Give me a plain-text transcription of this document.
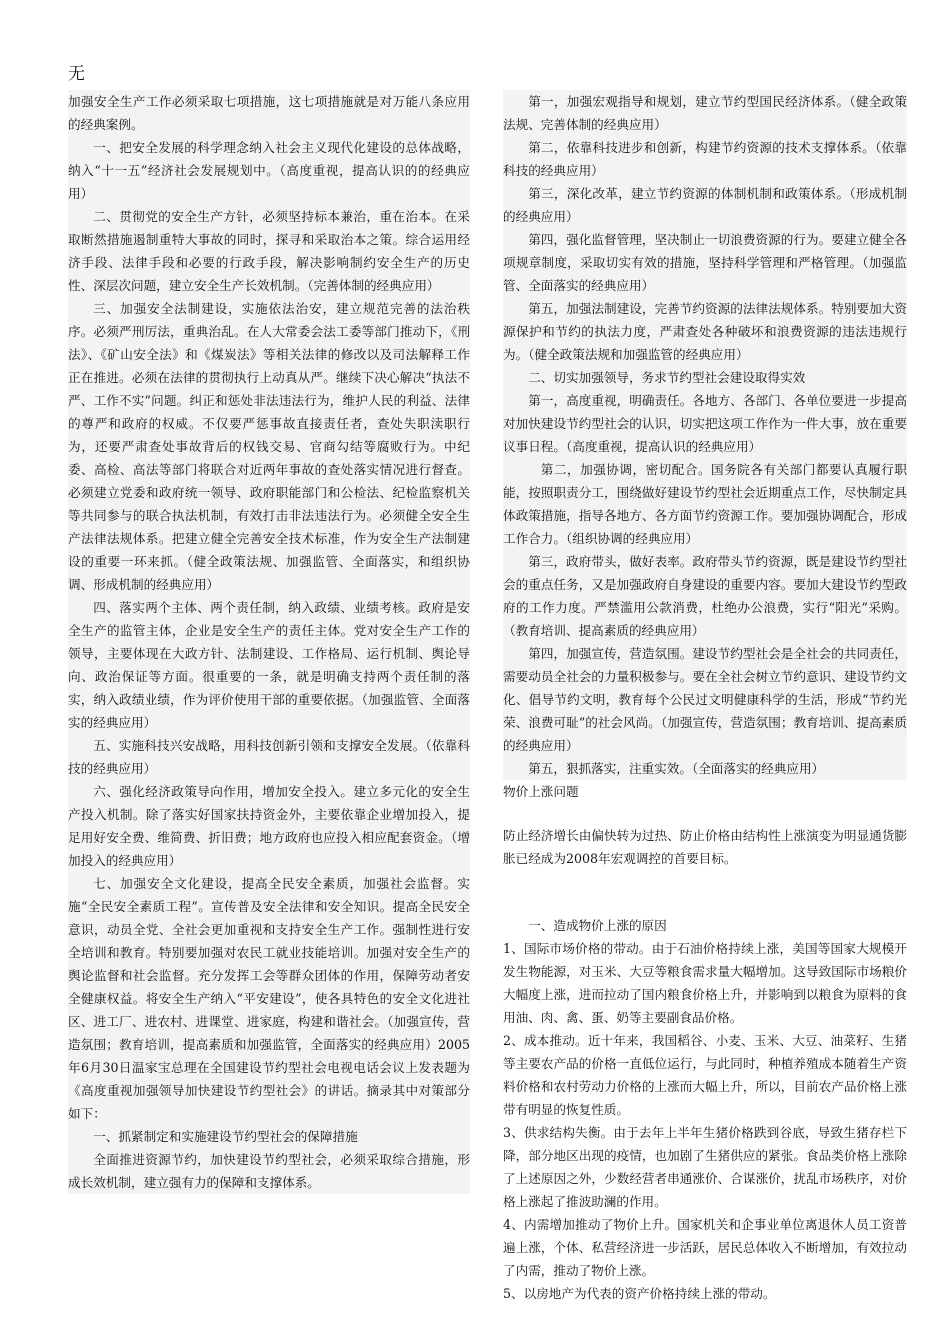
无

加强安全生产工作必须采取七项措施，这七项措施就是对万能八条应用的经典案例。

一、把安全发展的科学理念纳入社会主义现代化建设的总体战略，纳入“十一五”经济社会发展规划中。（高度重视，提高认识的的经典应用）

二、贯彻党的安全生产方针，必须坚持标本兼治，重在治本。在采取断然措施遏制重特大事故的同时，探寻和采取治本之策。综合运用经济手段、法律手段和必要的行政手段，解决影响制约安全生产的历史性、深层次问题，建立安全生产长效机制。（完善体制的经典应用）

三、加强安全法制建设，实施依法治安，建立规范完善的法治秩序。必须严刑厉法，重典治乱。在人大常委会法工委等部门推动下，《刑法》、《矿山安全法》和《煤炭法》等相关法律的修改以及司法解释工作正在推进。必须在法律的贯彻执行上动真从严。继续下决心解决“执法不严、工作不实”问题。纠正和惩处非法违法行为，维护人民的利益、法律的尊严和政府的权威。不仅要严惩事故直接责任者，查处失职渎职行为，还要严肃查处事故背后的权钱交易、官商勾结等腐败行为。中纪委、高检、高法等部门将联合对近两年事故的查处落实情况进行督查。必须建立党委和政府统一领导、政府职能部门和公检法、纪检监察机关等共同参与的联合执法机制，有效打击非法违法行为。必须健全安全生产法律法规体系。把建立健全完善安全技术标准，作为安全生产法制建设的重要一环来抓。（健全政策法规、加强监管、全面落实，和组织协调、形成机制的经典应用）

四、落实两个主体、两个责任制，纳入政绩、业绩考核。政府是安全生产的监管主体，企业是安全生产的责任主体。党对安全生产工作的领导，主要体现在大政方针、法制建设、工作格局、运行机制、舆论导向、政治保证等方面。很重要的一条，就是明确支持两个责任制的落实，纳入政绩业绩，作为评价使用干部的重要依据。（加强监管、全面落实的经典应用）

五、实施科技兴安战略，用科技创新引领和支撑安全发展。（依靠科技的经典应用）

六、强化经济政策导向作用，增加安全投入。建立多元化的安全生产投入机制。除了落实好国家扶持资金外，主要依靠企业增加投入，提足用好安全费、维简费、折旧费；地方政府也应投入相应配套资金。（增加投入的经典应用）

七、加强安全文化建设，提高全民安全素质，加强社会监督。实施“全民安全素质工程”。宣传普及安全法律和安全知识。提高全民安全意识，动员全党、全社会更加重视和支持安全生产工作。强制性进行安全培训和教育。特别要加强对农民工就业技能培训。加强对安全生产的舆论监督和社会监督。充分发挥工会等群众团体的作用，保障劳动者安全健康权益。将安全生产纳入“平安建设”，使各具特色的安全文化进社区、进工厂、进农村、进课堂、进家庭，构建和谐社会。（加强宣传，营造氛围；教育培训，提高素质和加强监管，全面落实的经典应用）2005年6月30日温家宝总理在全国建设节约型社会电视电话会议上发表题为《高度重视加强领导加快建设节约型社会》的讲话。摘录其中对策部分如下：

一、抓紧制定和实施建设节约型社会的保障措施

全面推进资源节约，加快建设节约型社会，必须采取综合措施，形成长效机制，建立强有力的保障和支撑体系。

第一，加强宏观指导和规划，建立节约型国民经济体系。（健全政策法规、完善体制的经典应用）

第二，依靠科技进步和创新，构建节约资源的技术支撑体系。（依靠科技的经典应用）

第三，深化改革，建立节约资源的体制机制和政策体系。（形成机制的经典应用）

第四，强化监督管理，坚决制止一切浪费资源的行为。要建立健全各项规章制度，采取切实有效的措施，坚持科学管理和严格管理。（加强监管、全面落实的经典应用）

第五，加强法制建设，完善节约资源的法律法规体系。特别要加大资源保护和节约的执法力度，严肃查处各种破坏和浪费资源的违法违规行为。（健全政策法规和加强监管的经典应用）

二、切实加强领导，务求节约型社会建设取得实效

第一，高度重视，明确责任。各地方、各部门、各单位要进一步提高对加快建设节约型社会的认识，切实把这项工作作为一件大事，放在重要议事日程。（高度重视，提高认识的经典应用）

第二，加强协调，密切配合。国务院各有关部门都要认真履行职能，按照职责分工，围绕做好建设节约型社会近期重点工作，尽快制定具体政策措施，指导各地方、各方面节约资源工作。要加强协调配合，形成工作合力。（组织协调的经典应用）

第三，政府带头，做好表率。政府带头节约资源，既是建设节约型社会的重点任务，又是加强政府自身建设的重要内容。要加大建设节约型政府的工作力度。严禁滥用公款消费，杜绝办公浪费，实行“阳光”采购。（教育培训、提高素质的经典应用）

第四，加强宣传，营造氛围。建设节约型社会是全社会的共同责任，需要动员全社会的力量积极参与。要在全社会树立节约意识、建设节约文化、倡导节约文明，教育每个公民过文明健康科学的生活，形成“节约光荣、浪费可耻”的社会风尚。（加强宣传，营造氛围；教育培训、提高素质的经典应用）

第五，狠抓落实，注重实效。（全面落实的经典应用）

物价上涨问题

防止经济增长由偏快转为过热、防止价格由结构性上涨演变为明显通货膨胀已经成为2008年宏观调控的首要目标。

一、造成物价上涨的原因

1、国际市场价格的带动。由于石油价格持续上涨，美国等国家大规模开发生物能源，对玉米、大豆等粮食需求量大幅增加。这导致国际市场粮价大幅度上涨，进而拉动了国内粮食价格上升，并影响到以粮食为原料的食用油、肉、禽、蛋、奶等主要副食品价格。

2、成本推动。近十年来，我国稻谷、小麦、玉米、大豆、油菜籽、生猪等主要农产品的价格一直低位运行，与此同时，种植养殖成本随着生产资料价格和农村劳动力价格的上涨而大幅上升，所以，目前农产品价格上涨带有明显的恢复性质。

3、供求结构失衡。由于去年上半年生猪价格跌到谷底，导致生猪存栏下降，部分地区出现的疫情，也加剧了生猪供应的紧张。食品类价格上涨除了上述原因之外，少数经营者串通涨价、合谋涨价，扰乱市场秩序，对价格上涨起了推波助澜的作用。

4、内需增加推动了物价上升。国家机关和企事业单位离退休人员工资普遍上涨，个体、私营经济进一步活跃，居民总体收入不断增加，有效拉动了内需，推动了物价上涨。

5、以房地产为代表的资产价格持续上涨的带动。
